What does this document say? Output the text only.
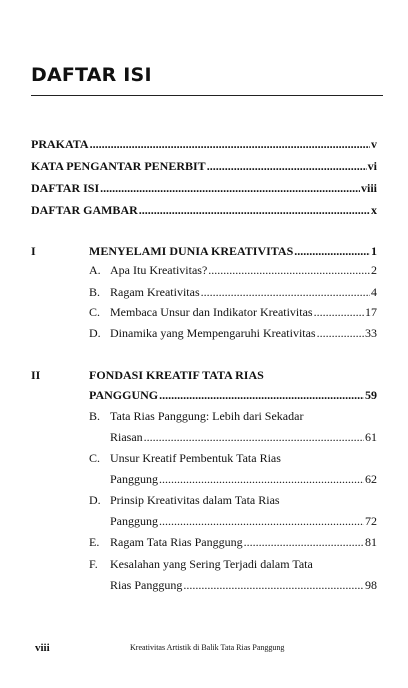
DAFTAR ISI
PRAKATA .....	v
KATA PENGANTAR PENERBIT .....	vi
DAFTAR ISI .....	viii
DAFTAR GAMBAR .....	x
I	MENYELAMI DUNIA KREATIVITAS .....	1
A. Apa Itu Kreativitas? .....	2
B. Ragam Kreativitas .....	4
C. Membaca Unsur dan Indikator Kreativitas .....	17
D. Dinamika yang Mempengaruhi Kreativitas .....	33
II	FONDASI KREATIF TATA RIAS
PANGGUNG .....	59
B. Tata Rias Panggung: Lebih dari Sekadar
Riasan .....	61
C. Unsur Kreatif Pembentuk Tata Rias
Panggung .....	62
D. Prinsip Kreativitas dalam Tata Rias
Panggung .....	72
E. Ragam Tata Rias Panggung .....	81
F. Kesalahan yang Sering Terjadi dalam Tata
Rias Panggung .....	98
viii	Kreativitas Artistik di Balik Tata Rias Panggung
